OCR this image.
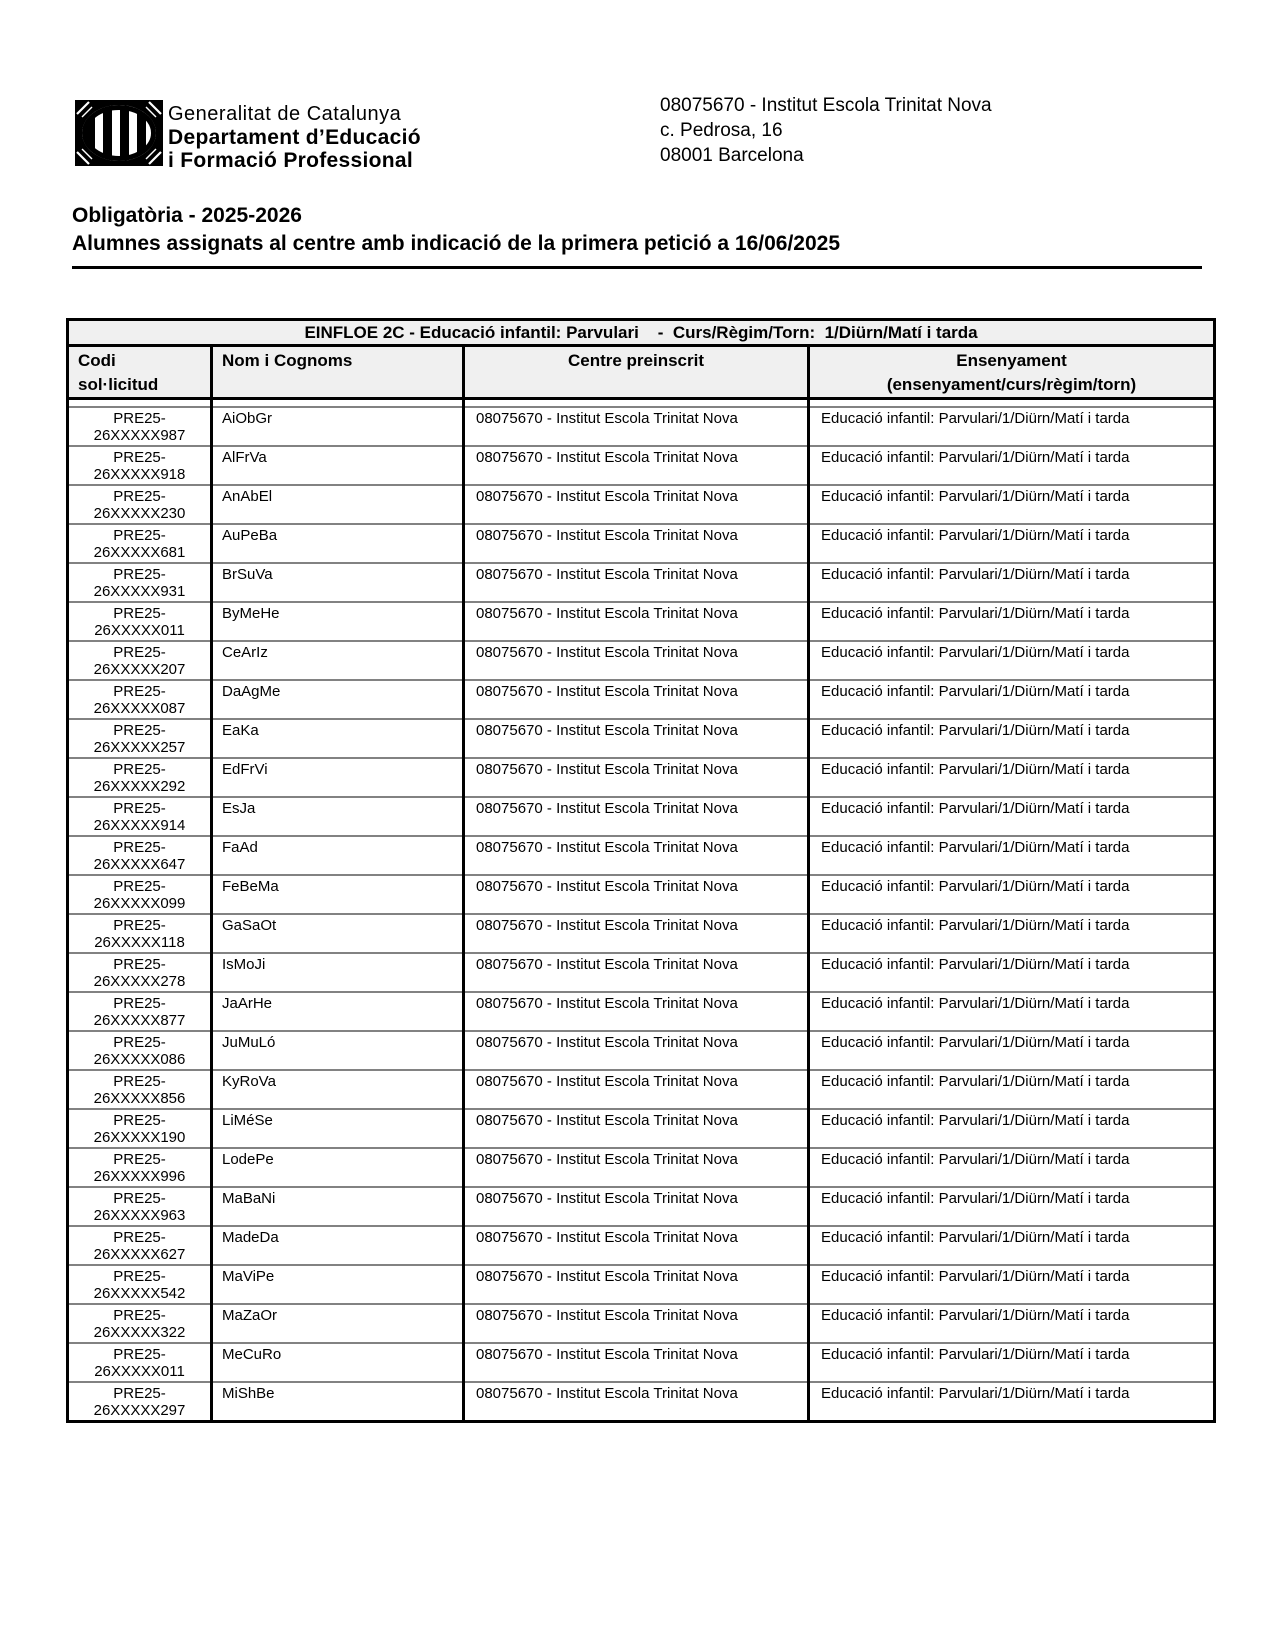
Generalitat de Catalunya
Departament d’Educació
i Formació Professional
08075670 - Institut Escola Trinitat Nova
c. Pedrosa, 16
08001 Barcelona
Obligatòria - 2025-2026
Alumnes assignats al centre amb indicació de la primera petició a 16/06/2025
EINFLOE 2C - Educació infantil: Parvulari    -  Curs/Règim/Torn:  1/Diürn/Matí i tarda			

Codi
sol·licitud
	Nom i Cognoms	Centre preinscrit	Ensenyament
(ensenyament/curs/règim/torn)

PRE25-
26XXXXX987	AiObGr	08075670 - Institut Escola Trinitat Nova	Educació infantil: Parvulari/1/Diürn/Matí i tarda

PRE25-
26XXXXX918	AlFrVa	08075670 - Institut Escola Trinitat Nova	Educació infantil: Parvulari/1/Diürn/Matí i tarda

PRE25-
26XXXXX230	AnAbEl	08075670 - Institut Escola Trinitat Nova	Educació infantil: Parvulari/1/Diürn/Matí i tarda

PRE25-
26XXXXX681	AuPeBa	08075670 - Institut Escola Trinitat Nova	Educació infantil: Parvulari/1/Diürn/Matí i tarda

PRE25-
26XXXXX931	BrSuVa	08075670 - Institut Escola Trinitat Nova	Educació infantil: Parvulari/1/Diürn/Matí i tarda

PRE25-
26XXXXX011	ByMeHe	08075670 - Institut Escola Trinitat Nova	Educació infantil: Parvulari/1/Diürn/Matí i tarda

PRE25-
26XXXXX207	CeArIz	08075670 - Institut Escola Trinitat Nova	Educació infantil: Parvulari/1/Diürn/Matí i tarda

PRE25-
26XXXXX087	DaAgMe	08075670 - Institut Escola Trinitat Nova	Educació infantil: Parvulari/1/Diürn/Matí i tarda

PRE25-
26XXXXX257	EaKa	08075670 - Institut Escola Trinitat Nova	Educació infantil: Parvulari/1/Diürn/Matí i tarda

PRE25-
26XXXXX292	EdFrVi	08075670 - Institut Escola Trinitat Nova	Educació infantil: Parvulari/1/Diürn/Matí i tarda

PRE25-
26XXXXX914	EsJa	08075670 - Institut Escola Trinitat Nova	Educació infantil: Parvulari/1/Diürn/Matí i tarda

PRE25-
26XXXXX647	FaAd	08075670 - Institut Escola Trinitat Nova	Educació infantil: Parvulari/1/Diürn/Matí i tarda

PRE25-
26XXXXX099	FeBeMa	08075670 - Institut Escola Trinitat Nova	Educació infantil: Parvulari/1/Diürn/Matí i tarda

PRE25-
26XXXXX118	GaSaOt	08075670 - Institut Escola Trinitat Nova	Educació infantil: Parvulari/1/Diürn/Matí i tarda

PRE25-
26XXXXX278	IsMoJi	08075670 - Institut Escola Trinitat Nova	Educació infantil: Parvulari/1/Diürn/Matí i tarda

PRE25-
26XXXXX877	JaArHe	08075670 - Institut Escola Trinitat Nova	Educació infantil: Parvulari/1/Diürn/Matí i tarda

PRE25-
26XXXXX086	JuMuLó	08075670 - Institut Escola Trinitat Nova	Educació infantil: Parvulari/1/Diürn/Matí i tarda

PRE25-
26XXXXX856	KyRoVa	08075670 - Institut Escola Trinitat Nova	Educació infantil: Parvulari/1/Diürn/Matí i tarda

PRE25-
26XXXXX190	LiMéSe	08075670 - Institut Escola Trinitat Nova	Educació infantil: Parvulari/1/Diürn/Matí i tarda

PRE25-
26XXXXX996	LodePe	08075670 - Institut Escola Trinitat Nova	Educació infantil: Parvulari/1/Diürn/Matí i tarda

PRE25-
26XXXXX963	MaBaNi	08075670 - Institut Escola Trinitat Nova	Educació infantil: Parvulari/1/Diürn/Matí i tarda

PRE25-
26XXXXX627	MadeDa	08075670 - Institut Escola Trinitat Nova	Educació infantil: Parvulari/1/Diürn/Matí i tarda

PRE25-
26XXXXX542	MaViPe	08075670 - Institut Escola Trinitat Nova	Educació infantil: Parvulari/1/Diürn/Matí i tarda

PRE25-
26XXXXX322	MaZaOr	08075670 - Institut Escola Trinitat Nova	Educació infantil: Parvulari/1/Diürn/Matí i tarda

PRE25-
26XXXXX011	MeCuRo	08075670 - Institut Escola Trinitat Nova	Educació infantil: Parvulari/1/Diürn/Matí i tarda

PRE25-
26XXXXX297	MiShBe	08075670 - Institut Escola Trinitat Nova	Educació infantil: Parvulari/1/Diürn/Matí i tarda
